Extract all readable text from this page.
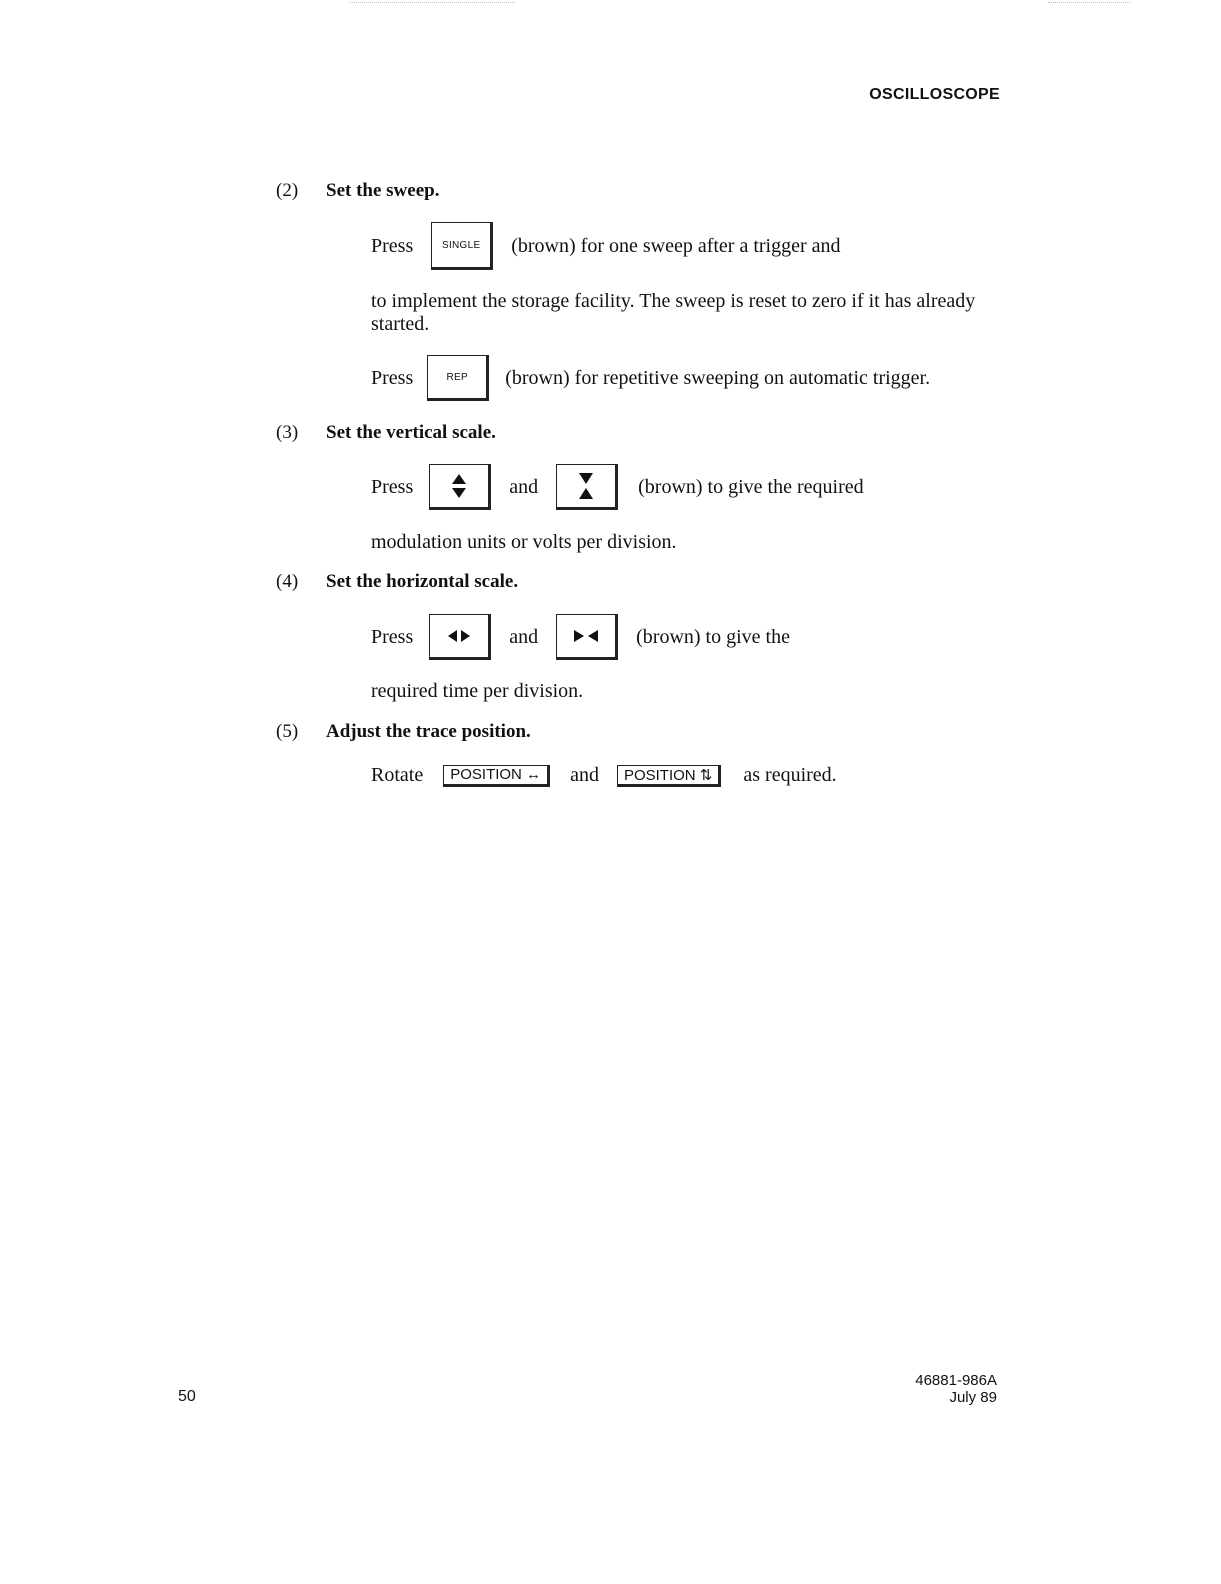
OSCILLOSCOPE
(2) Set the sweep.
Press	SINGLE (brown) for one sweep after a trigger and
to implement the storage facility. The sweep is reset to zero if it has already started.
Press	REP (brown) for repetitive sweeping on automatic trigger.
(3) Set the vertical scale.
Press	and	(brown) to give the required
modulation units or volts per division.
(4) Set the horizontal scale.
Press	and	(brown) to give the
required time per division.
(5) Adjust the trace position.
Rotate	POSITION ↔	and	POSITION ⇅	as required.
50
46881-986A
July 89
